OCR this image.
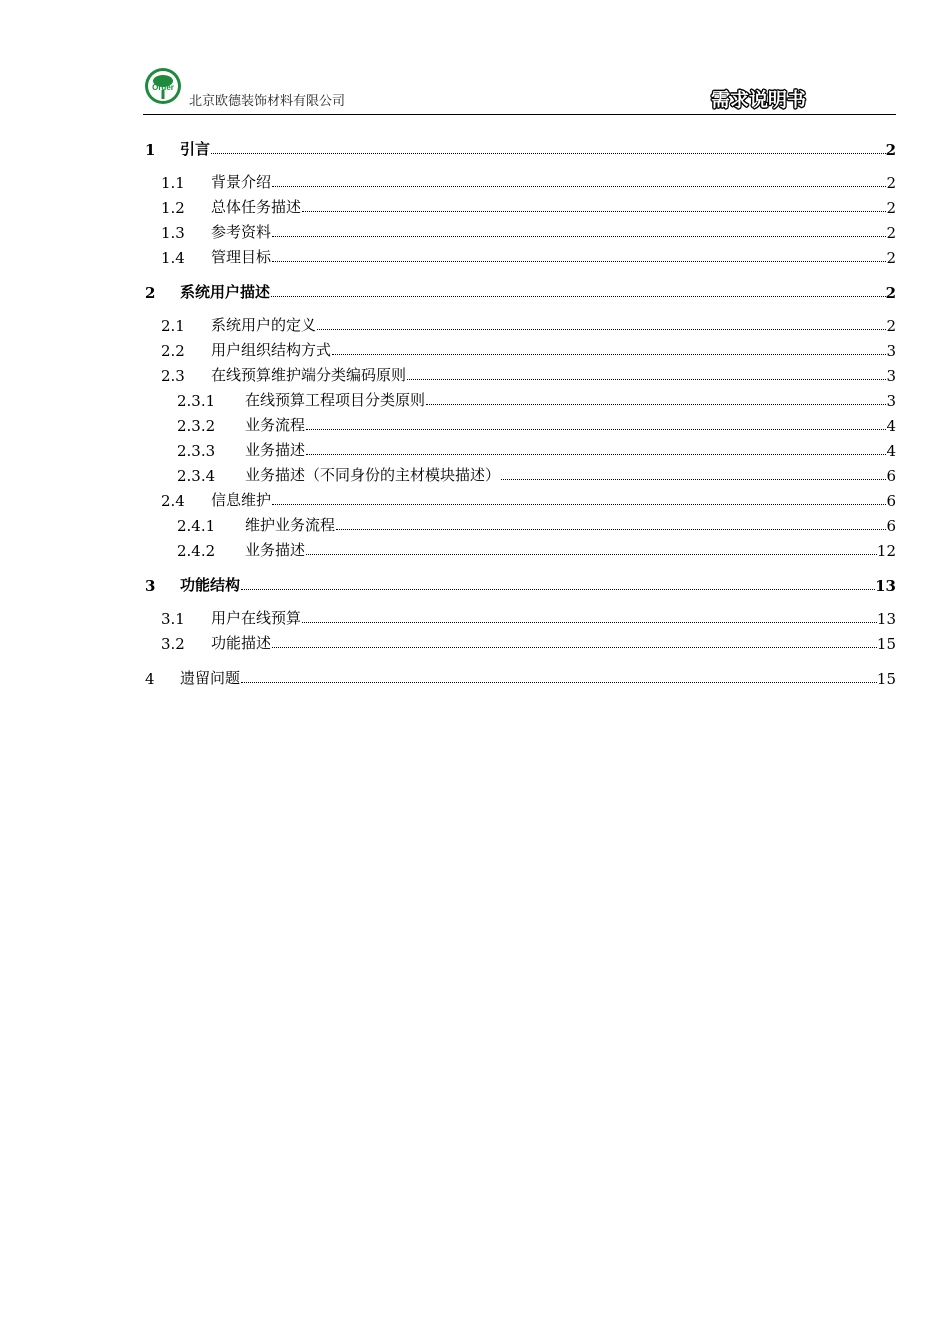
Order
北京欧德装饰材料有限公司	需求说明书
1	引言	2
1.1	背景介绍	2
1.2	总体任务描述	2
1.3	参考资料	2
1.4	管理目标	2
2	系统用户描述	2
2.1	系统用户的定义	2
2.2	用户组织结构方式	3
2.3	在线预算维护端分类编码原则	3
2.3.1	在线预算工程项目分类原则	3
2.3.2	业务流程	4
2.3.3	业务描述	4
2.3.4	业务描述（不同身份的主材模块描述）	6
2.4	信息维护	6
2.4.1	维护业务流程	6
2.4.2	业务描述	12
3	功能结构	13
3.1	用户在线预算	13
3.2	功能描述	15
4	遗留问题	15
